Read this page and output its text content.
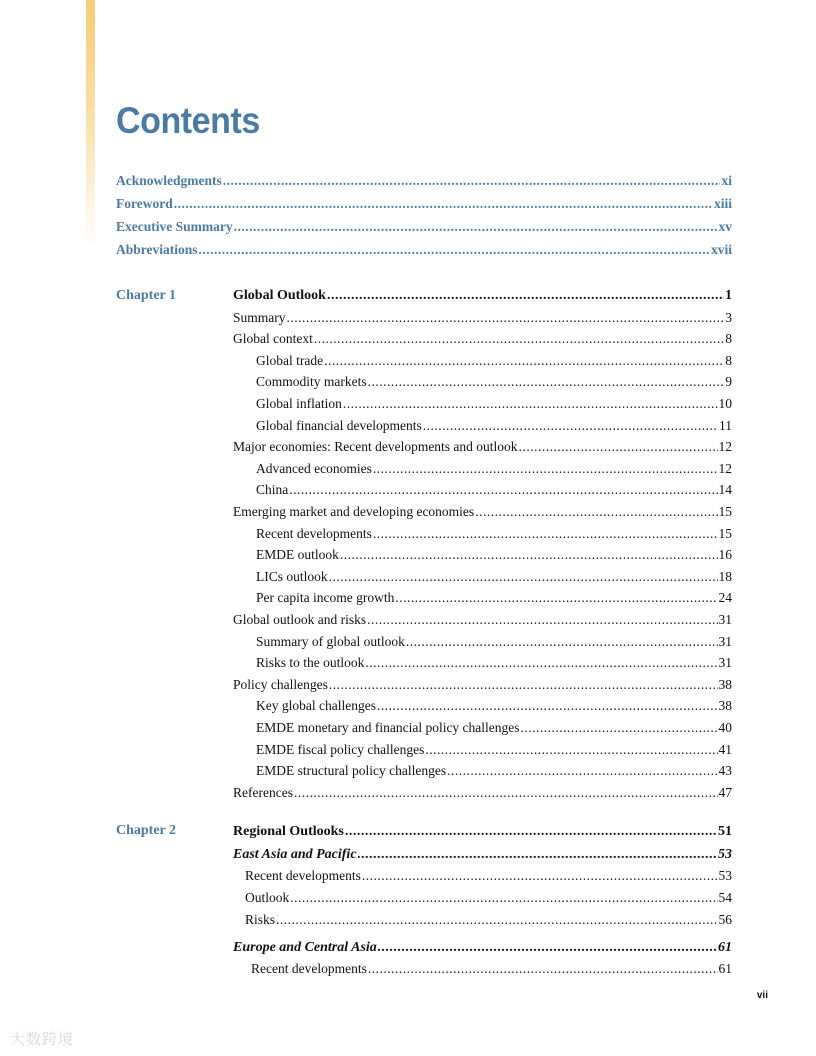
Contents
Acknowledgments .....	xi
Foreword .....	xiii
Executive Summary .....	xv
Abbreviations .....	xvii
Chapter 1	Global Outlook .....	1
Summary .....	3
Global context .....	8
Global trade .....	8
Commodity markets .....	9
Global inflation .....	10
Global financial developments .....	11
Major economies: Recent developments and outlook .....	12
Advanced economies .....	12
China .....	14
Emerging market and developing economies .....	15
Recent developments .....	15
EMDE outlook .....	16
LICs outlook .....	18
Per capita income growth .....	24
Global outlook and risks .....	31
Summary of global outlook .....	31
Risks to the outlook .....	31
Policy challenges .....	38
Key global challenges .....	38
EMDE monetary and financial policy challenges .....	40
EMDE fiscal policy challenges .....	41
EMDE structural policy challenges .....	43
References .....	47
Chapter 2	Regional Outlooks .....	51
East Asia and Pacific .....	53
Recent developments .....	53
Outlook .....	54
Risks .....	56
Europe and Central Asia .....	61
Recent developments .....	61
vii
大数跨境
